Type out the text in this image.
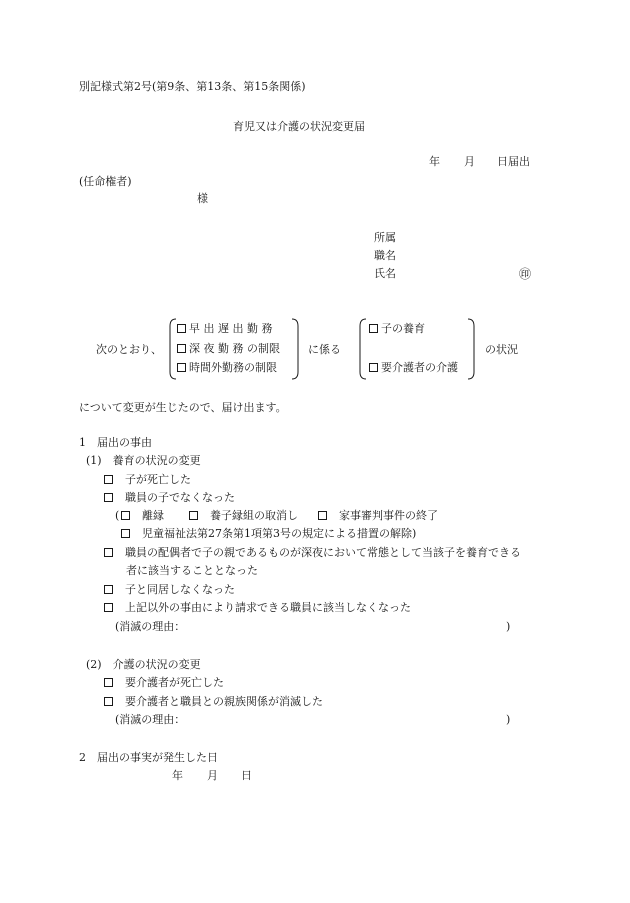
別記様式第2号(第9条、第13条、第15条関係)
育児又は介護の状況変更届
年 月 日届出
(任命権者)
様
所属
職名
氏名	㊞
次のとおり、
早 出 遅 出 勤 務
深 夜 勤 務 の制限
時間外勤務の制限
に係る
子の養育
要介護者の介護
の状況
について変更が生じたので、届け出ます。
1　届出の事由
(1)　養育の状況の変更
子が死亡した
職員の子でなくなった
(	離縁	養子縁組の取消し	家事審判事件の終了
児童福祉法第27条第1項第3号の規定による措置の解除)
職員の配偶者で子の親であるものが深夜において常態として当該子を養育できる
者に該当することとなった
子と同居しなくなった
上記以外の事由により請求できる職員に該当しなくなった
(消滅の理由：	)
(2)　介護の状況の変更
要介護者が死亡した
要介護者と職員との親族関係が消滅した
(消滅の理由：	)
2　届出の事実が発生した日
年 月 日
